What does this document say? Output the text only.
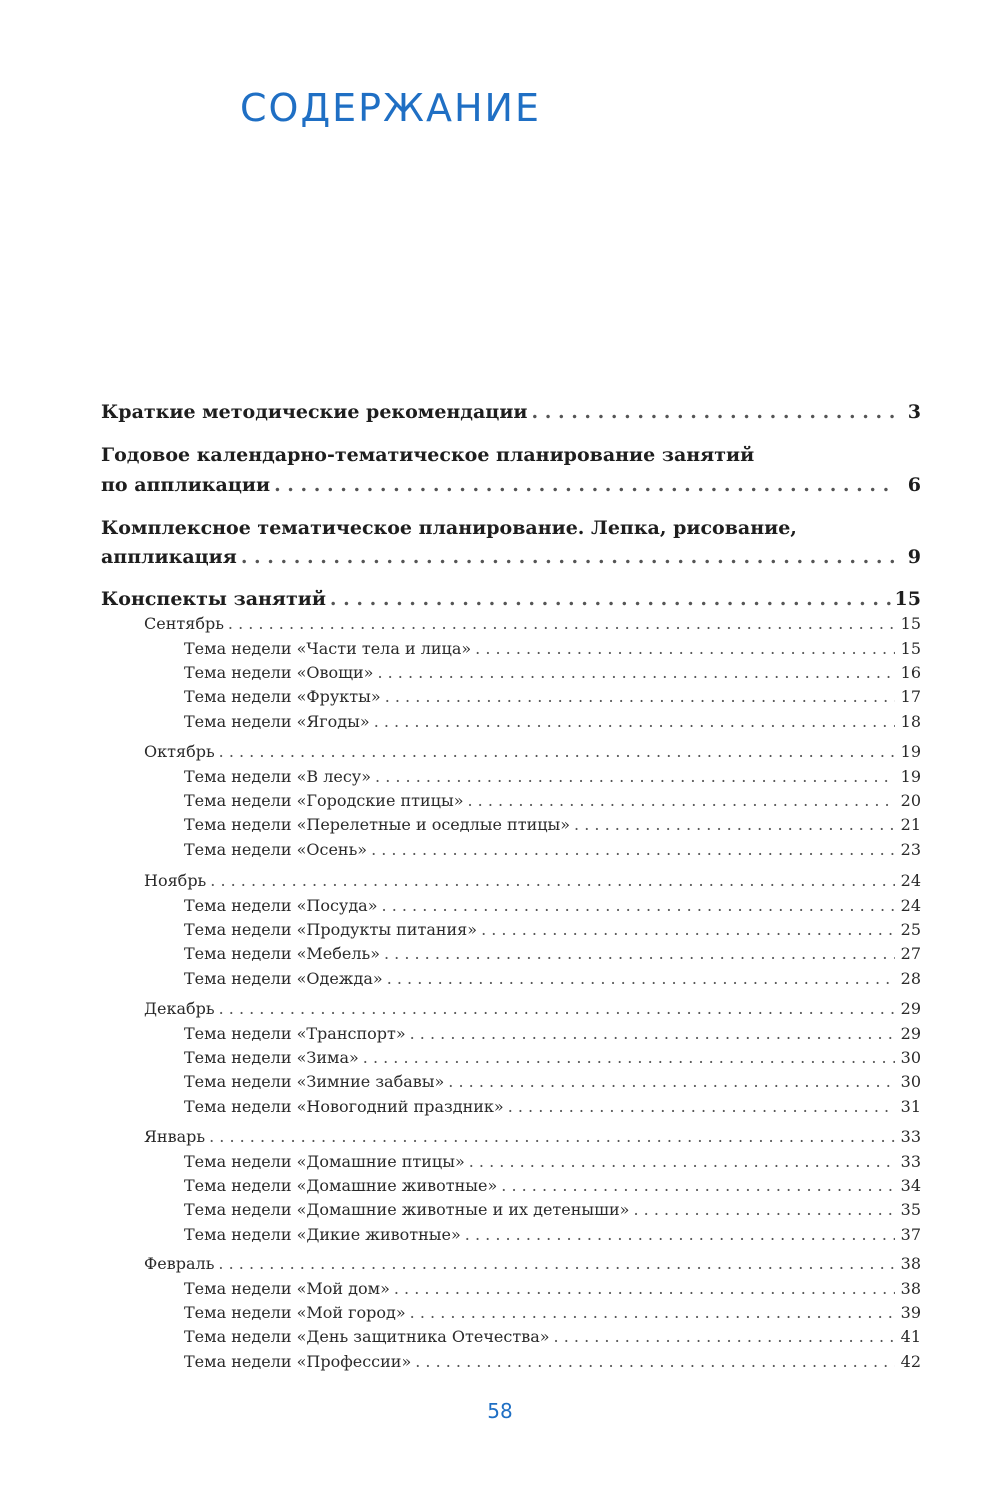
СОДЕРЖАНИЕ
Краткие методические рекомендации . . .	3
Годовое календарно-тематическое планирование занятий
по аппликации . . .	6
Комплексное тематическое планирование. Лепка, рисование,
аппликация . . .	9
Конспекты занятий . . .	15
Сентябрь . . .	15
Тема недели «Части тела и лица» . . .	15
Тема недели «Овощи» . . .	16
Тема недели «Фрукты» . . .	17
Тема недели «Ягоды» . . .	18
Октябрь . . .	19
Тема недели «В лесу» . . .	19
Тема недели «Городские птицы» . . .	20
Тема недели «Перелетные и оседлые птицы» . . .	21
Тема недели «Осень» . . .	23
Ноябрь . . .	24
Тема недели «Посуда» . . .	24
Тема недели «Продукты питания» . . .	25
Тема недели «Мебель» . . .	27
Тема недели «Одежда» . . .	28
Декабрь . . .	29
Тема недели «Транспорт» . . .	29
Тема недели «Зима» . . .	30
Тема недели «Зимние забавы» . . .	30
Тема недели «Новогодний праздник» . . .	31
Январь . . .	33
Тема недели «Домашние птицы» . . .	33
Тема недели «Домашние животные» . . .	34
Тема недели «Домашние животные и их детеныши» . . .	35
Тема недели «Дикие животные» . . .	37
Февраль . . .	38
Тема недели «Мой дом» . . .	38
Тема недели «Мой город» . . .	39
Тема недели «День защитника Отечества» . . .	41
Тема недели «Профессии» . . .	42
58
